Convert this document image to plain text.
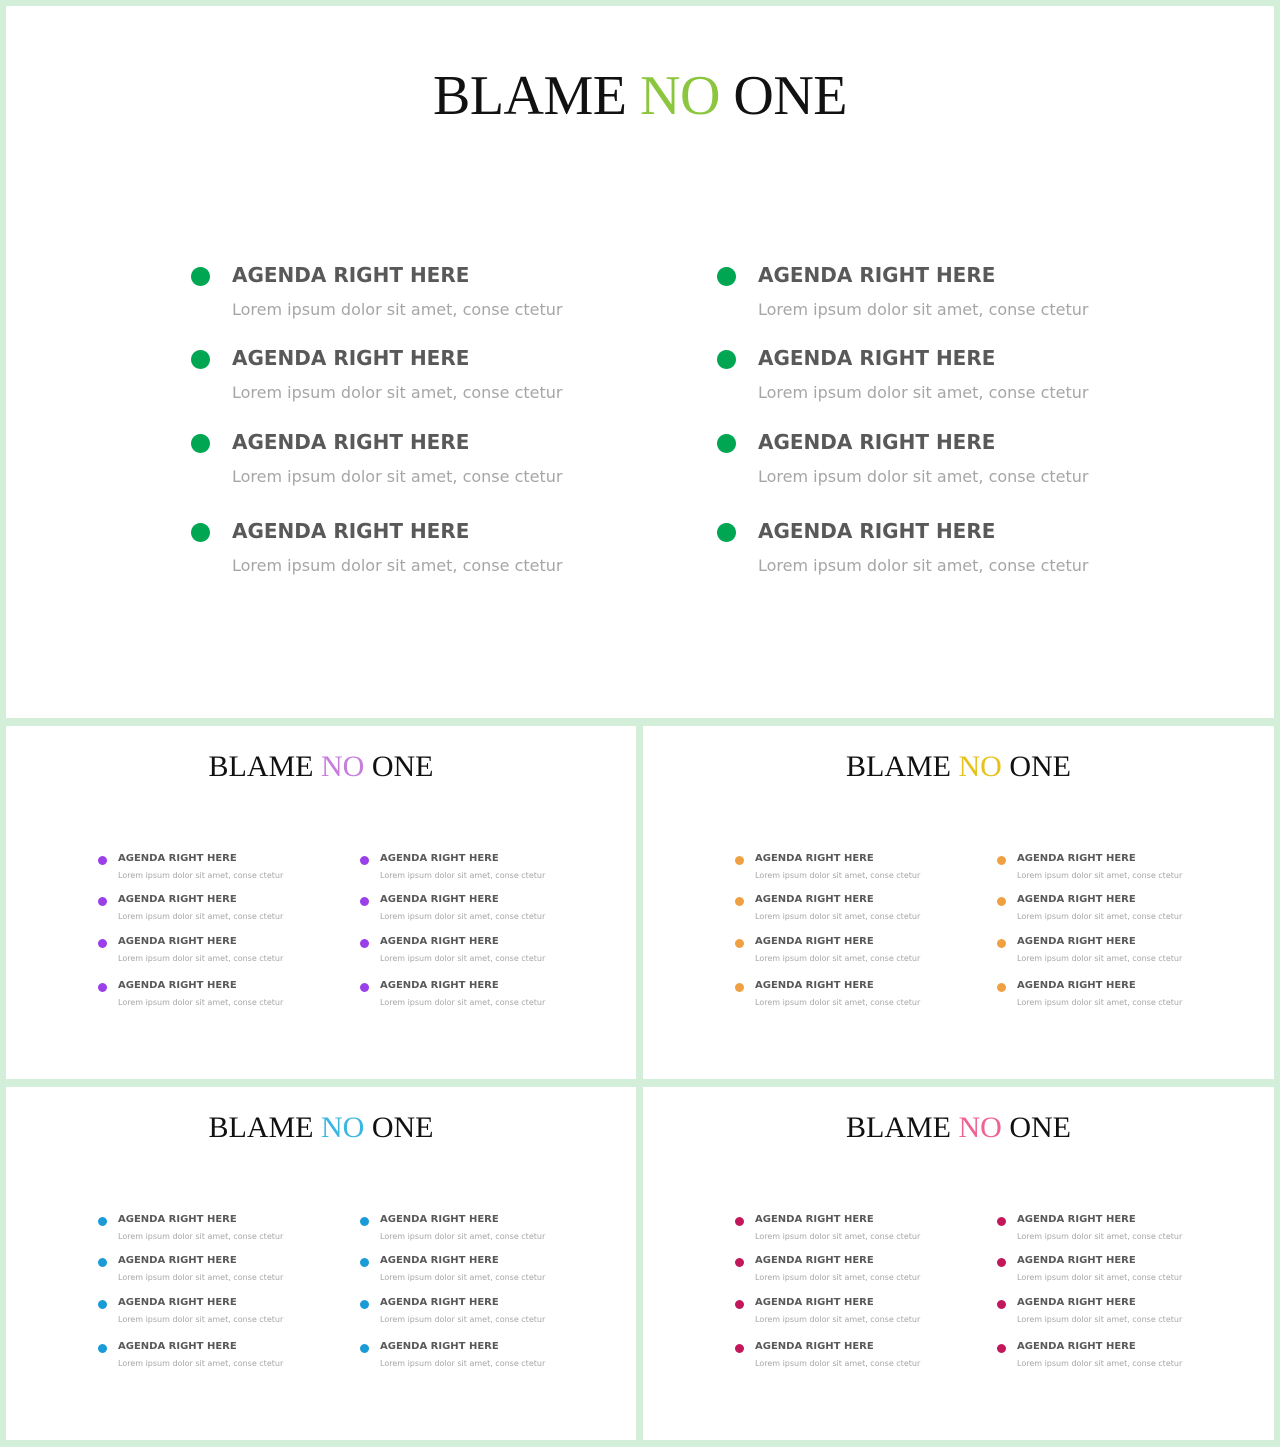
BLAME NO ONE
AGENDA RIGHT HERE
Lorem ipsum dolor sit amet, conse ctetur
AGENDA RIGHT HERE
Lorem ipsum dolor sit amet, conse ctetur
AGENDA RIGHT HERE
Lorem ipsum dolor sit amet, conse ctetur
AGENDA RIGHT HERE
Lorem ipsum dolor sit amet, conse ctetur
AGENDA RIGHT HERE
Lorem ipsum dolor sit amet, conse ctetur
AGENDA RIGHT HERE
Lorem ipsum dolor sit amet, conse ctetur
AGENDA RIGHT HERE
Lorem ipsum dolor sit amet, conse ctetur
AGENDA RIGHT HERE
Lorem ipsum dolor sit amet, conse ctetur
BLAME NO ONE
AGENDA RIGHT HERE
Lorem ipsum dolor sit amet, conse ctetur
AGENDA RIGHT HERE
Lorem ipsum dolor sit amet, conse ctetur
AGENDA RIGHT HERE
Lorem ipsum dolor sit amet, conse ctetur
AGENDA RIGHT HERE
Lorem ipsum dolor sit amet, conse ctetur
AGENDA RIGHT HERE
Lorem ipsum dolor sit amet, conse ctetur
AGENDA RIGHT HERE
Lorem ipsum dolor sit amet, conse ctetur
AGENDA RIGHT HERE
Lorem ipsum dolor sit amet, conse ctetur
AGENDA RIGHT HERE
Lorem ipsum dolor sit amet, conse ctetur
BLAME NO ONE
AGENDA RIGHT HERE
Lorem ipsum dolor sit amet, conse ctetur
AGENDA RIGHT HERE
Lorem ipsum dolor sit amet, conse ctetur
AGENDA RIGHT HERE
Lorem ipsum dolor sit amet, conse ctetur
AGENDA RIGHT HERE
Lorem ipsum dolor sit amet, conse ctetur
AGENDA RIGHT HERE
Lorem ipsum dolor sit amet, conse ctetur
AGENDA RIGHT HERE
Lorem ipsum dolor sit amet, conse ctetur
AGENDA RIGHT HERE
Lorem ipsum dolor sit amet, conse ctetur
AGENDA RIGHT HERE
Lorem ipsum dolor sit amet, conse ctetur
BLAME NO ONE
AGENDA RIGHT HERE
Lorem ipsum dolor sit amet, conse ctetur
AGENDA RIGHT HERE
Lorem ipsum dolor sit amet, conse ctetur
AGENDA RIGHT HERE
Lorem ipsum dolor sit amet, conse ctetur
AGENDA RIGHT HERE
Lorem ipsum dolor sit amet, conse ctetur
AGENDA RIGHT HERE
Lorem ipsum dolor sit amet, conse ctetur
AGENDA RIGHT HERE
Lorem ipsum dolor sit amet, conse ctetur
AGENDA RIGHT HERE
Lorem ipsum dolor sit amet, conse ctetur
AGENDA RIGHT HERE
Lorem ipsum dolor sit amet, conse ctetur
BLAME NO ONE
AGENDA RIGHT HERE
Lorem ipsum dolor sit amet, conse ctetur
AGENDA RIGHT HERE
Lorem ipsum dolor sit amet, conse ctetur
AGENDA RIGHT HERE
Lorem ipsum dolor sit amet, conse ctetur
AGENDA RIGHT HERE
Lorem ipsum dolor sit amet, conse ctetur
AGENDA RIGHT HERE
Lorem ipsum dolor sit amet, conse ctetur
AGENDA RIGHT HERE
Lorem ipsum dolor sit amet, conse ctetur
AGENDA RIGHT HERE
Lorem ipsum dolor sit amet, conse ctetur
AGENDA RIGHT HERE
Lorem ipsum dolor sit amet, conse ctetur
